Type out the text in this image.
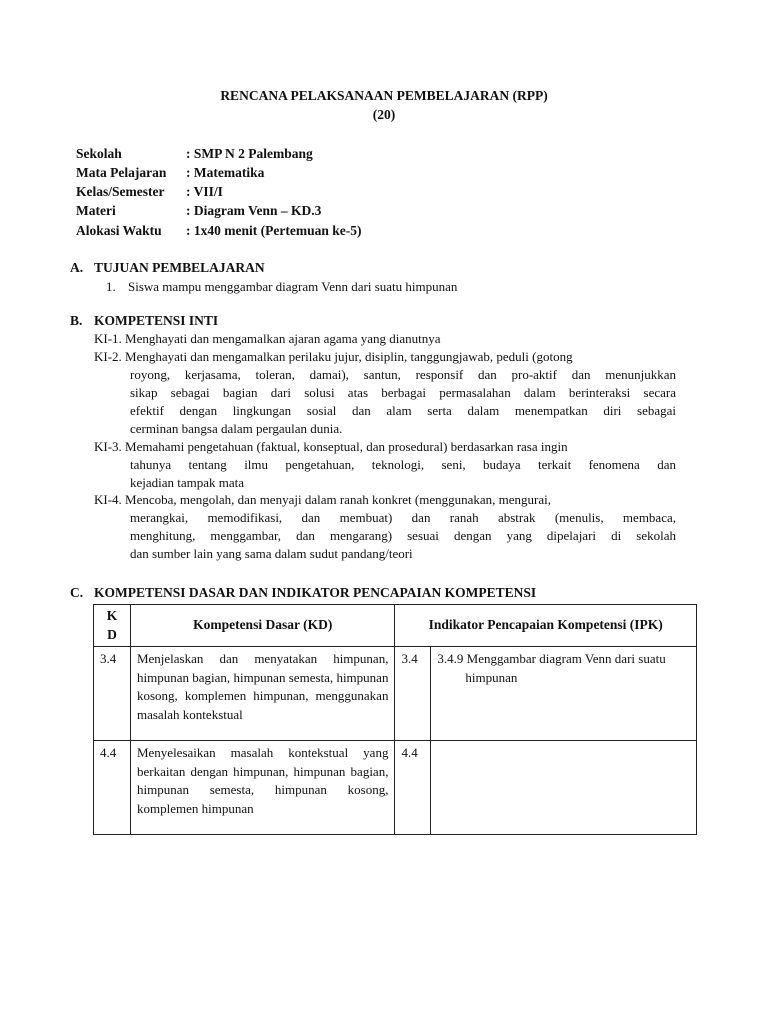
RENCANA PELAKSANAAN PEMBELAJARAN (RPP)
(20)
Sekolah	: SMP N 2 Palembang
Mata Pelajaran	: Matematika
Kelas/Semester	: VII/I
Materi	: Diagram Venn – KD.3
Alokasi Waktu	: 1x40 menit (Pertemuan ke-5)
A. TUJUAN PEMBELAJARAN
1. Siswa mampu menggambar diagram Venn dari suatu himpunan
B. KOMPETENSI INTI
KI-1. Menghayati dan mengamalkan ajaran agama yang dianutnya
KI-2. Menghayati dan mengamalkan perilaku jujur, disiplin, tanggungjawab, peduli (gotong
royong, kerjasama, toleran, damai), santun, responsif dan pro-aktif dan menunjukkan
sikap sebagai bagian dari solusi atas berbagai permasalahan dalam berinteraksi secara
efektif dengan lingkungan sosial dan alam serta dalam menempatkan diri sebagai
cerminan bangsa dalam pergaulan dunia.
KI-3. Memahami pengetahuan (faktual, konseptual, dan prosedural) berdasarkan rasa ingin
tahunya tentang ilmu pengetahuan, teknologi, seni, budaya terkait fenomena dan
kejadian tampak mata
KI-4. Mencoba, mengolah, dan menyaji dalam ranah konkret (menggunakan, mengurai,
merangkai, memodifikasi, dan membuat) dan ranah abstrak (menulis, membaca,
menghitung, menggambar, dan mengarang) sesuai dengan yang dipelajari di sekolah
dan sumber lain yang sama dalam sudut pandang/teori
C. KOMPETENSI DASAR DAN INDIKATOR PENCAPAIAN KOMPETENSI
K
D	Kompetensi Dasar (KD)	Indikator Pencapaian Kompetensi (IPK)	
3.4	Menjelaskan dan menyatakan himpunan, himpunan bagian, himpunan semesta, himpunan kosong, komplemen himpunan, menggunakan masalah kontekstual	3.4	3.4.9 Menggambar diagram Venn dari suatu himpunan

4.4	Menyelesaikan masalah kontekstual yang berkaitan dengan himpunan, himpunan bagian, himpunan semesta, himpunan kosong, komplemen himpunan	4.4	
